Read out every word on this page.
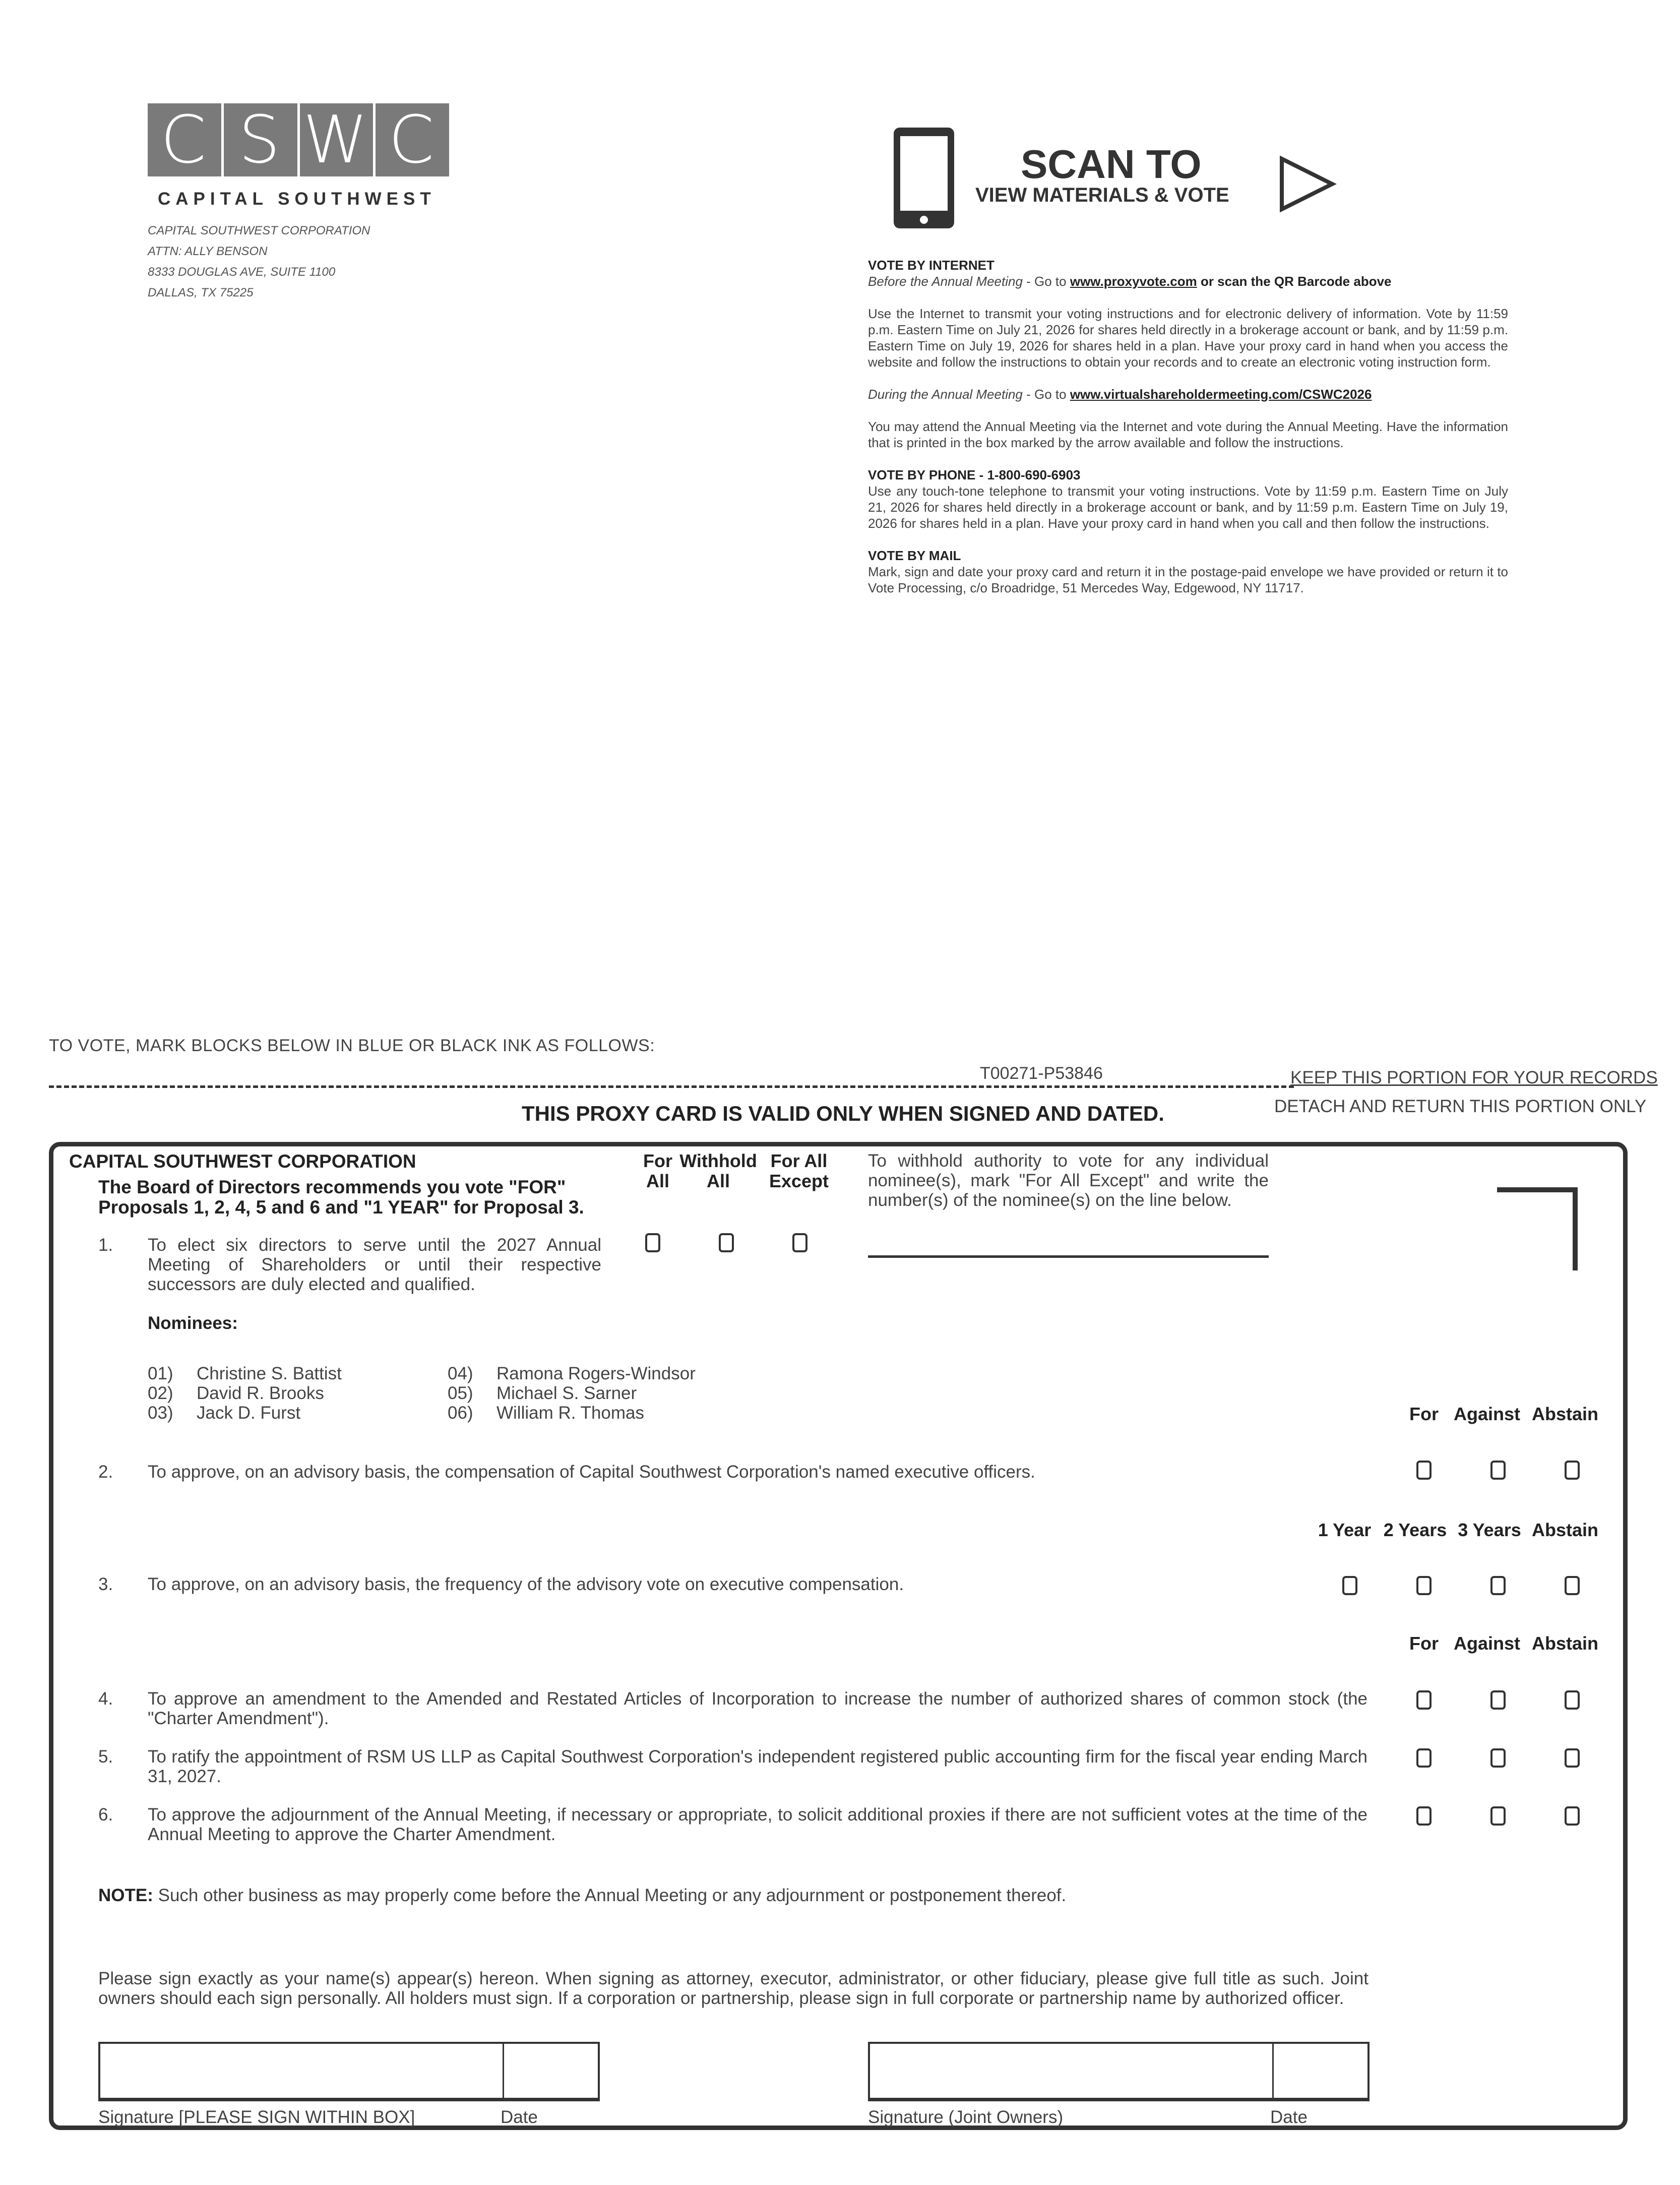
C S W C
CAPITAL SOUTHWEST
CAPITAL SOUTHWEST CORPORATION
ATTN: ALLY BENSON
8333 DOUGLAS AVE, SUITE 1100
DALLAS, TX 75225
SCAN TO
VIEW MATERIALS & VOTE
VOTE BY INTERNET
Before the Annual Meeting - Go to www.proxyvote.com or scan the QR Barcode above
Use the Internet to transmit your voting instructions and for electronic delivery of information. Vote by 11:59 p.m. Eastern Time on July 21, 2026 for shares held directly in a brokerage account or bank, and by 11:59 p.m. Eastern Time on July 19, 2026 for shares held in a plan. Have your proxy card in hand when you access the website and follow the instructions to obtain your records and to create an electronic voting instruction form.
During the Annual Meeting - Go to www.virtualshareholdermeeting.com/CSWC2026
You may attend the Annual Meeting via the Internet and vote during the Annual Meeting. Have the information that is printed in the box marked by the arrow available and follow the instructions.
VOTE BY PHONE - 1-800-690-6903
Use any touch-tone telephone to transmit your voting instructions. Vote by 11:59 p.m. Eastern Time on July 21, 2026 for shares held directly in a brokerage account or bank, and by 11:59 p.m. Eastern Time on July 19, 2026 for shares held in a plan. Have your proxy card in hand when you call and then follow the instructions.
VOTE BY MAIL
Mark, sign and date your proxy card and return it in the postage-paid envelope we have provided or return it to Vote Processing, c/o Broadridge, 51 Mercedes Way, Edgewood, NY 11717.
TO VOTE, MARK BLOCKS BELOW IN BLUE OR BLACK INK AS FOLLOWS:
T00271-P53846	KEEP THIS PORTION FOR YOUR RECORDS
DETACH AND RETURN THIS PORTION ONLY
THIS PROXY CARD IS VALID ONLY WHEN SIGNED AND DATED.
CAPITAL SOUTHWEST CORPORATION
The Board of Directors recommends you vote "FOR"
Proposals 1, 2, 4, 5 and 6 and "1 YEAR" for Proposal 3.
For
All
Withhold
All
For All
Except
To withhold authority to vote for any individual nominee(s), mark "For All Except" and write the number(s) of the nominee(s) on the line below.
1. To elect six directors to serve until the 2027 Annual Meeting of Shareholders or until their respective successors are duly elected and qualified.
Nominees:
01) Christine S. Battist
02) David R. Brooks
03) Jack D. Furst
04) Ramona Rogers-Windsor
05) Michael S. Sarner
06) William R. Thomas	For Against Abstain
2. To approve, on an advisory basis, the compensation of Capital Southwest Corporation's named executive officers.
1 Year 2 Years 3 Years Abstain
3. To approve, on an advisory basis, the frequency of the advisory vote on executive compensation.
For Against Abstain
4. To approve an amendment to the Amended and Restated Articles of Incorporation to increase the number of authorized shares of common stock (the "Charter Amendment").
5. To ratify the appointment of RSM US LLP as Capital Southwest Corporation's independent registered public accounting firm for the fiscal year ending March 31, 2027.
6. To approve the adjournment of the Annual Meeting, if necessary or appropriate, to solicit additional proxies if there are not sufficient votes at the time of the Annual Meeting to approve the Charter Amendment.
NOTE: Such other business as may properly come before the Annual Meeting or any adjournment or postponement thereof.
Please sign exactly as your name(s) appear(s) hereon. When signing as attorney, executor, administrator, or other fiduciary, please give full title as such. Joint owners should each sign personally. All holders must sign. If a corporation or partnership, please sign in full corporate or partnership name by authorized officer.
Signature [PLEASE SIGN WITHIN BOX]	Date	Signature (Joint Owners)	Date
